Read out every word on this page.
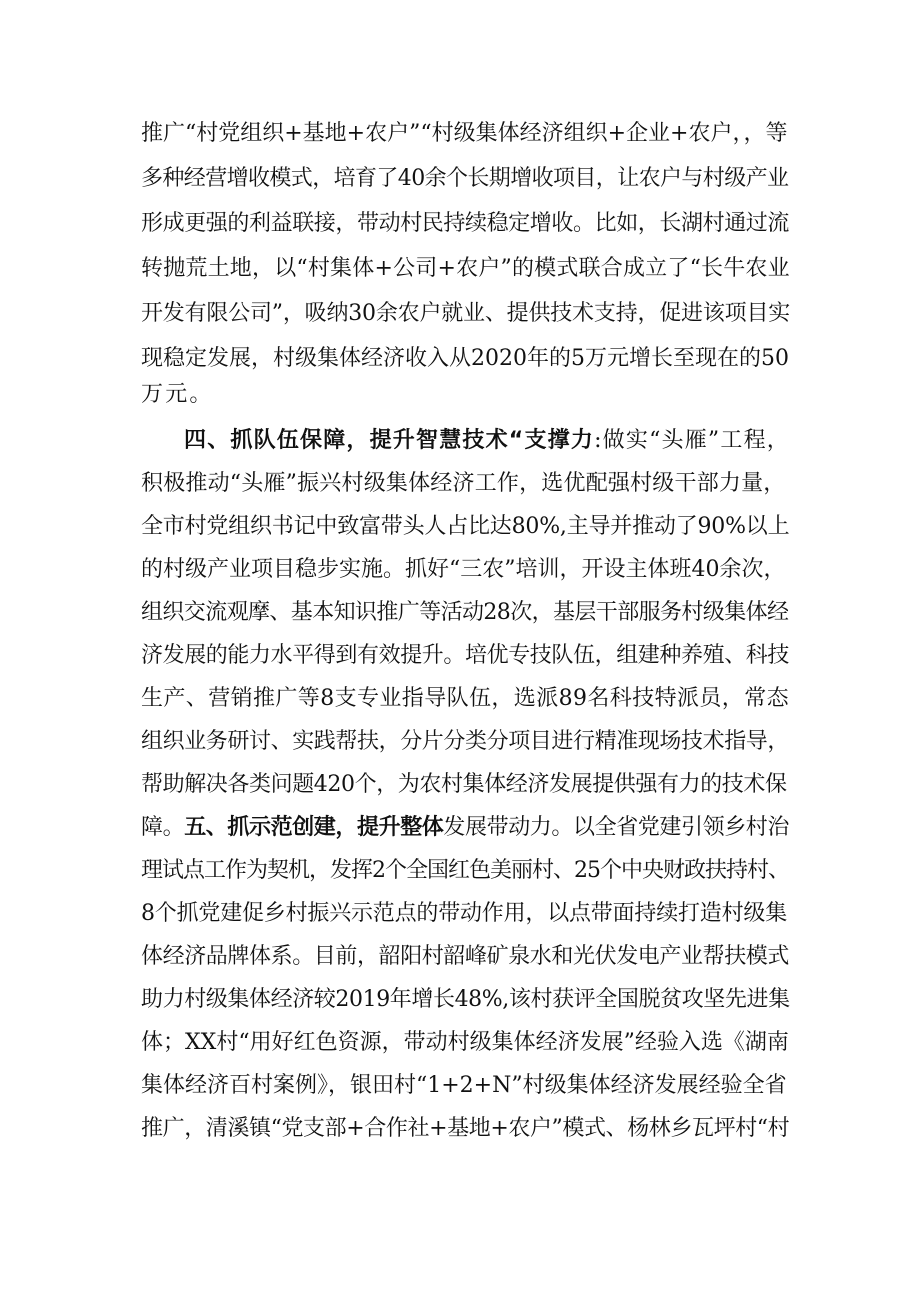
推广“村党组织+基地+农户”“村级集体经济组织+企业+农户，，等
多种经营增收模式，培育了40余个长期增收项目，让农户与村级产业
形成更强的利益联接，带动村民持续稳定增收。比如，长湖村通过流
转抛荒土地，以“村集体+公司+农户”的模式联合成立了“长牛农业
开发有限公司”，吸纳30余农户就业、提供技术支持，促进该项目实
现稳定发展，村级集体经济收入从2020年的5万元增长至现在的50
万元。
四、抓队伍保障，提升智慧技术“支撑力:做实“头雁”工程，
积极推动“头雁”振兴村级集体经济工作，选优配强村级干部力量，
全市村党组织书记中致富带头人占比达80%,主导并推动了90%以上
的村级产业项目稳步实施。抓好“三农”培训，开设主体班40余次，
组织交流观摩、基本知识推广等活动28次，基层干部服务村级集体经
济发展的能力水平得到有效提升。培优专技队伍，组建种养殖、科技
生产、营销推广等8支专业指导队伍，选派89名科技特派员，常态
组织业务研讨、实践帮扶，分片分类分项目进行精准现场技术指导，
帮助解决各类问题420个，为农村集体经济发展提供强有力的技术保
障。五、抓示范创建，提升整体发展带动力。以全省党建引领乡村治
理试点工作为契机，发挥2个全国红色美丽村、25个中央财政扶持村、
8个抓党建促乡村振兴示范点的带动作用，以点带面持续打造村级集
体经济品牌体系。目前，韶阳村韶峰矿泉水和光伏发电产业帮扶模式
助力村级集体经济较2019年增长48%,该村获评全国脱贫攻坚先进集
体；XX村“用好红色资源，带动村级集体经济发展”经验入选《湖南
集体经济百村案例》，银田村“1+2+N”村级集体经济发展经验全省
推广，清溪镇“党支部+合作社+基地+农户”模式、杨林乡瓦坪村“村
